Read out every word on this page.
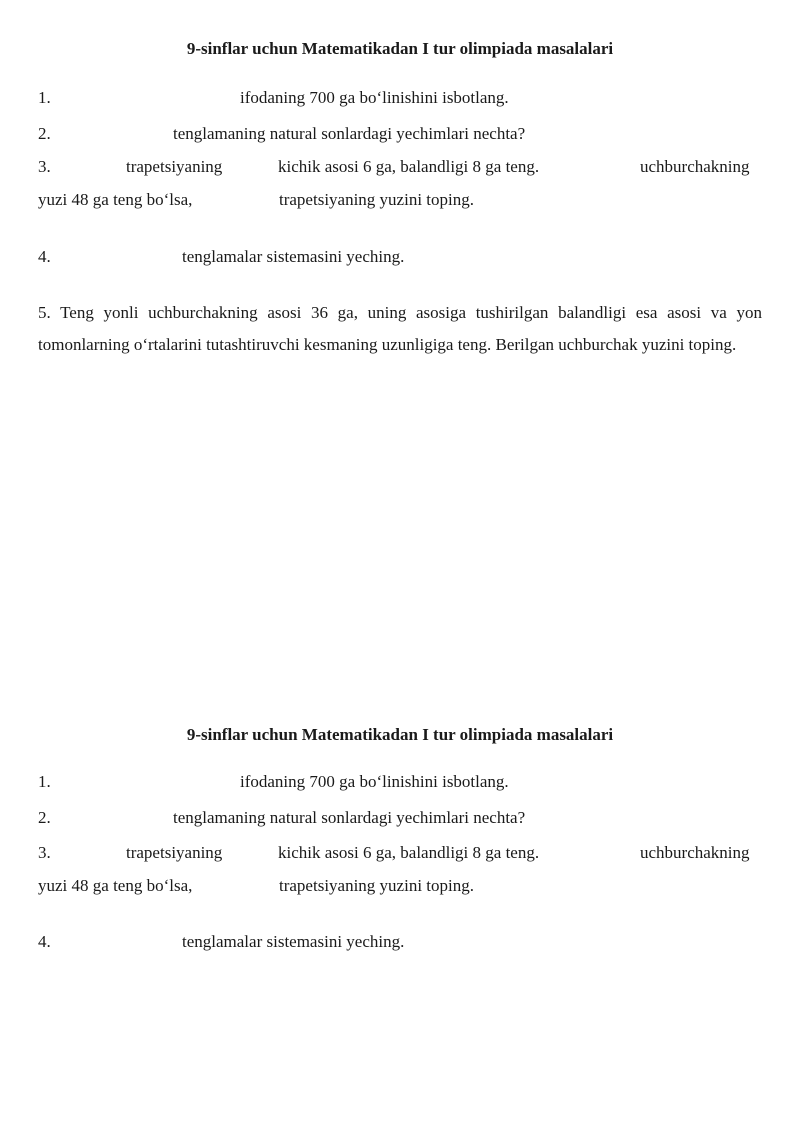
9-sinflar uchun Matematikadan I tur olimpiada masalalari
1.	ifodaning 700 ga bo‘linishini isbotlang.
2.	tenglamaning natural sonlardagi yechimlari nechta?
3.	trapetsiyaning	kichik asosi 6 ga, balandligi 8 ga teng.	uchburchakning
yuzi 48 ga teng bo‘lsa,	trapetsiyaning yuzini toping.
4.	tenglamalar sistemasini yeching.
5. Teng yonli uchburchakning asosi 36 ga, uning asosiga tushirilgan balandligi esa asosi va yon tomonlarning o‘rtalarini tutashtiruvchi kesmaning uzunligiga teng. Berilgan uchburchak yuzini toping.
9-sinflar uchun Matematikadan I tur olimpiada masalalari
1.	ifodaning 700 ga bo‘linishini isbotlang.
2.	tenglamaning natural sonlardagi yechimlari nechta?
3.	trapetsiyaning	kichik asosi 6 ga, balandligi 8 ga teng.	uchburchakning
yuzi 48 ga teng bo‘lsa,	trapetsiyaning yuzini toping.
4.	tenglamalar sistemasini yeching.
